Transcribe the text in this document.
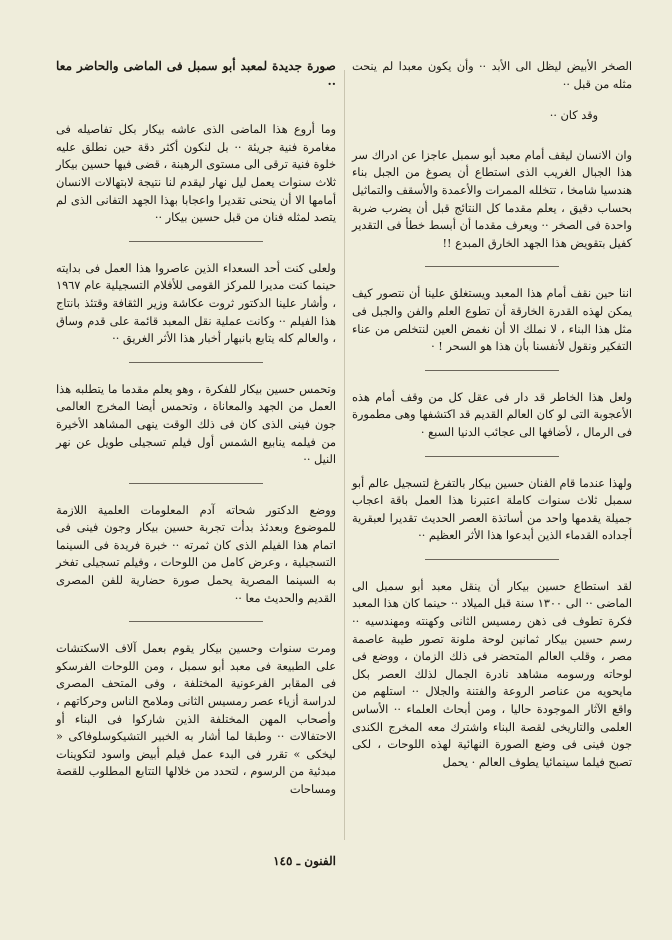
الصخر الأبيض ليظل الى الأبد ·· وأن يكون معبدا لم ينحت مثله من قبل ··

وقد كان ··

وان الانسان ليقف أمام معبد أبو سمبل عاجزا عن ادراك سر هذا الجبال الغريب الذى استطاع أن يصوغ من الجبل بناء هندسيا شامخا ، تتخلله الممرات والأعمدة والأسقف والتماثيل بحساب دقيق ، يعلم مقدما كل النتائج قبل أن يضرب ضربة واحدة فى الصخر ·· ويعرف مقدما أن أبسط خطأ فى التقدير كفيل بتقويض هذا الجهد الخارق المبدع !!

اننا حين نقف أمام هذا المعبد ويستغلق علينا أن نتصور كيف يمكن لهذه القدرة الخارقة أن تطوع العلم والفن والجبل فى مثل هذا البناء ، لا نملك الا أن نغمض العين لنتخلص من عناء التفكير ونقول لأنفسنا بأن هذا هو السحر ! ·

ولعل هذا الخاطر قد دار فى عقل كل من وقف أمام هذه الأعجوبة التى لو كان العالم القديم قد اكتشفها وهى مطمورة فى الرمال ، لأضافها الى عجائب الدنيا السبع ·

ولهذا عندما قام الفنان حسين بيكار بالتفرغ لتسجيل عالم أبو سمبل ثلاث سنوات كاملة اعتبرنا هذا العمل باقة اعجاب جميلة يقدمها واحد من أساتذة العصر الحديث تقديرا لعبقرية أجداده القدماء الذين أبدعوا هذا الأثر العظيم ··

لقد استطاع حسين بيكار أن ينقل معبد أبو سمبل الى الماضى ·· الى ١٣٠٠ سنة قبل الميلاد ·· حينما كان هذا المعبد فكرة تطوف فى ذهن رمسيس الثانى وكهنته ومهندسيه ·· رسم حسين بيكار ثمانين لوحة ملونة تصور طيبة عاصمة مصر ، وقلب العالم المتحضر فى ذلك الزمان ، ووضع فى لوحاته ورسومه مشاهد نادرة الجمال لذلك العصر بكل مايحويه من عناصر الروعة والفتنة والجلال ·· استلهم من واقع الآثار الموجودة حاليا ، ومن أبحاث العلماء ·· الأساس العلمى والتاريخى لقصة البناء واشترك معه المخرج الكندى جون فينى فى وضع الصورة النهائية لهذه اللوحات ، لكى تصبح فيلما سينمائيا يطوف العالم · يحمل

صورة جديدة لمعبد أبو سمبل فى الماضى والحاضر معا ··

وما أروع هذا الماضى الذى عاشه بيكار بكل تفاصيله فى مغامرة فنية جريئة ·· بل لنكون أكثر دقة حين نطلق عليه خلوة فنية ترقى الى مستوى الرهبنة ، قضى فيها حسين بيكار ثلاث سنوات يعمل ليل نهار ليقدم لنا نتيجة لابتهالات الانسان أمامها الا أن ينحنى تقديرا واعجابا بهذا الجهد التفانى الذى لم يتصد لمثله فنان من قبل حسين بيكار ··

ولعلى كنت أحد السعداء الذين عاصروا هذا العمل فى بدايته حينما كنت مديرا للمركز القومى للأفلام التسجيلية عام ١٩٦٧ ، وأشار علينا الدكتور ثروت عكاشة وزير الثقافة وقتئذ بانتاج هذا الفيلم ·· وكانت عملية نقل المعبد قائمة على قدم وساق ، والعالم كله يتابع بانبهار أخبار هذا الأثر الغريق ··

وتحمس حسين بيكار للفكرة ، وهو يعلم مقدما ما يتطلبه هذا العمل من الجهد والمعاناة ، وتحمس أيضا المخرج العالمى جون فينى الذى كان فى ذلك الوقت ينهى المشاهد الأخيرة من فيلمه ينابيع الشمس أول فيلم تسجيلى طويل عن نهر النيل ··

ووضع الدكتور شحاته آدم المعلومات العلمية اللازمة للموضوع وبعدئذ بدأت تجربة حسين بيكار وجون فينى فى اتمام هذا الفيلم الذى كان ثمرته ·· خبرة فريدة فى السينما التسجيلية ، وعرض كامل من اللوحات ، وفيلم تسجيلى تفخر به السينما المصرية يحمل صورة حضارية للفن المصرى القديم والحديث معا ··

ومرت سنوات وحسين بيكار يقوم بعمل آلاف الاسكتشات على الطبيعة فى معبد أبو سمبل ، ومن اللوحات الفرسكو فى المقابر الفرعونية المختلفة ، وفى المتحف المصرى لدراسة أزياء عصر رمسيس الثانى وملامح الناس وحركاتهم ، وأصحاب المهن المختلفة الذين شاركوا فى البناء أو الاحتفالات ·· وطبقا لما أشار به الخبير التشيكوسلوفاكى « ليخكى » تقرر فى البدء عمل فيلم أبيض واسود لتكوينات مبدئية من الرسوم ، لتحدد من خلالها التتابع المطلوب للقصة ومساحات

الفنون ـ ١٤٥
